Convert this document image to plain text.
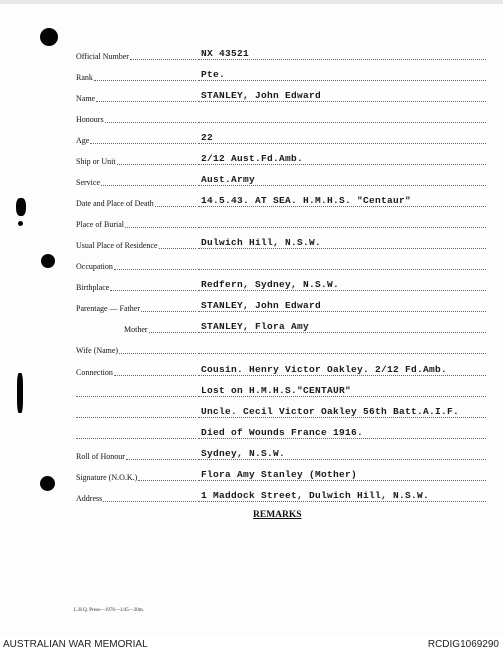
Official Number	NX 43521
Rank	Pte.
Name	STANLEY, John Edward
Honours
Age	22
Ship or Unit	2/12 Aust.Fd.Amb.
Service	Aust.Army
Date and Place of Death	14.5.43. AT SEA. H.M.H.S. "Centaur"
Place of Burial
Usual Place of Residence	Dulwich Hill, N.S.W.
Occupation
Birthplace	Redfern, Sydney, N.S.W.
Parentage — Father	STANLEY, John Edward
Mother	STANLEY, Flora Amy
Wife (Name)
Connection	Cousin. Henry Victor Oakley. 2/12 Fd.Amb.
Lost on H.M.H.S."CENTAUR"
Uncle. Cecil Victor Oakley 56th Batt.A.I.F.
Died of Wounds France 1916.
Roll of Honour	Sydney, N.S.W.
Signature (N.O.K.)	Flora Amy Stanley (Mother)
Address	1 Maddock Street, Dulwich Hill, N.S.W.
REMARKS
L.H.Q. Press—1976—1/45—20m.
AUSTRALIAN WAR MEMORIAL	RCDIG1069290
